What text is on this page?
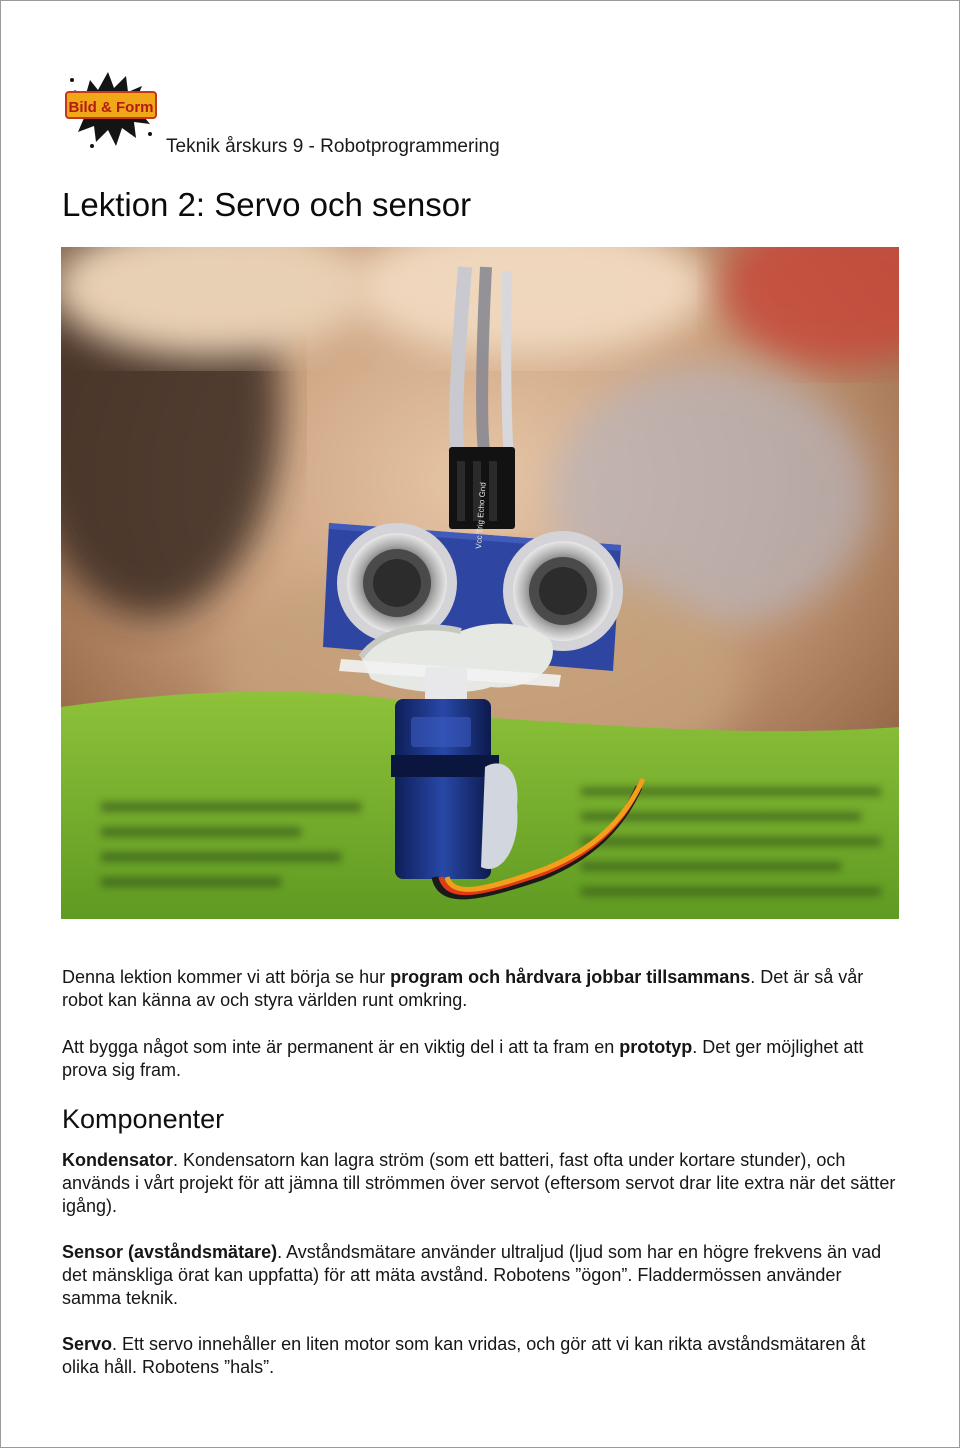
Bild & Form
Teknik årskurs 9 - Robotprogrammering
Lektion 2: Servo och sensor
Vcc Trig Echo Gnd
Denna lektion kommer vi att börja se hur program och hårdvara jobbar tillsammans. Det är så vår robot kan känna av och styra världen runt omkring.
Att bygga något som inte är permanent är en viktig del i att ta fram en prototyp. Det ger möjlighet att prova sig fram.
Komponenter
Kondensator. Kondensatorn kan lagra ström (som ett batteri, fast ofta under kortare stunder), och används i vårt projekt för att jämna till strömmen över servot (eftersom servot drar lite extra när det sätter igång).
Sensor (avståndsmätare). Avståndsmätare använder ultraljud (ljud som har en högre frekvens än vad det mänskliga örat kan uppfatta) för att mäta avstånd. Robotens ”ögon”. Fladdermössen använder samma teknik.
Servo. Ett servo innehåller en liten motor som kan vridas, och gör att vi kan rikta avståndsmätaren åt olika håll. Robotens ”hals”.
